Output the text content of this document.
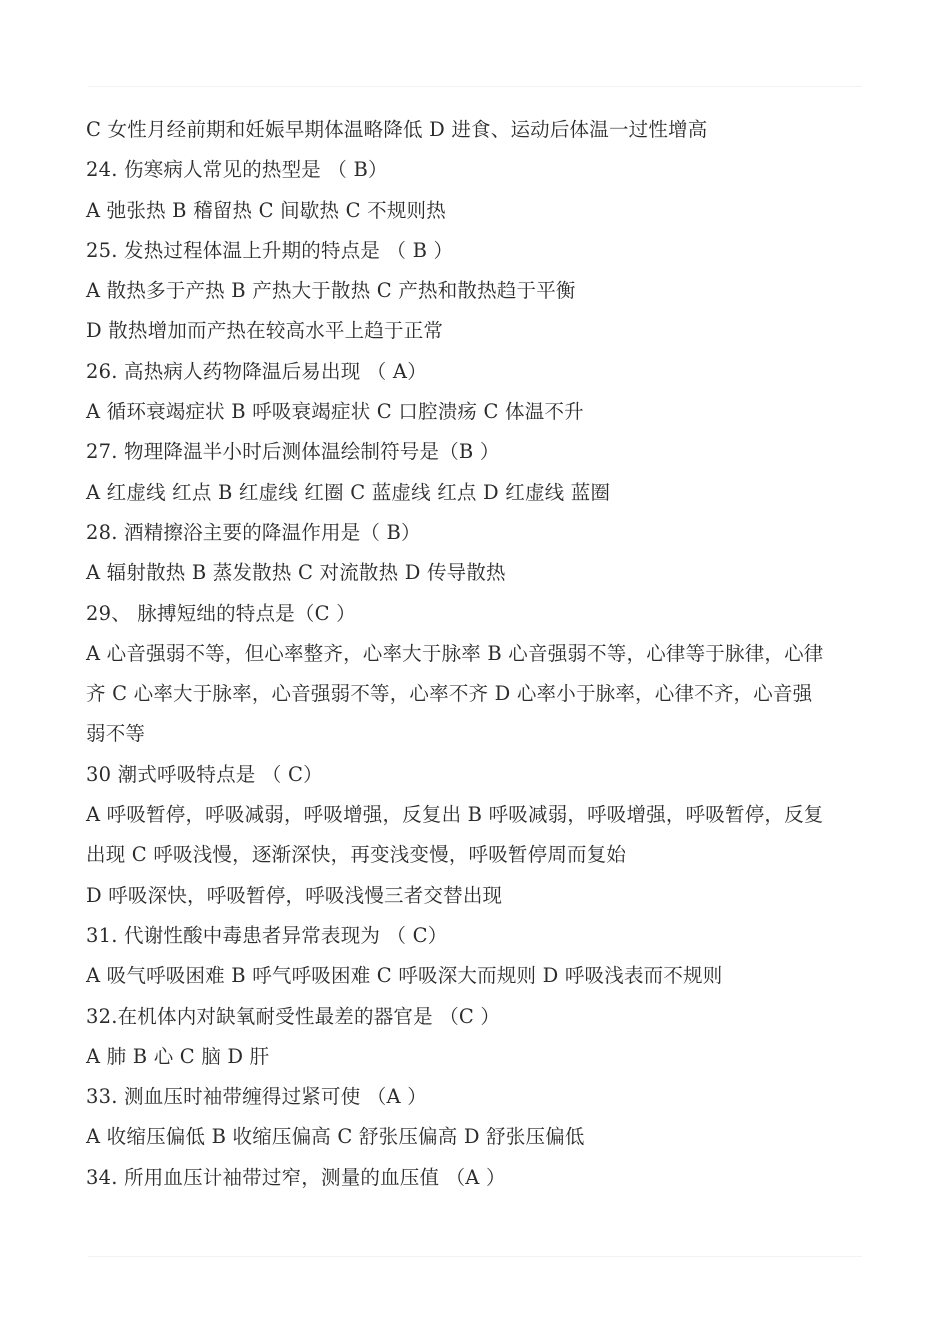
C 女性月经前期和妊娠早期体温略降低 D 进食、运动后体温一过性增高
24. 伤寒病人常见的热型是 （ B）
A 弛张热 B 稽留热 C 间歇热 C 不规则热
25. 发热过程体温上升期的特点是 （ B ）
A 散热多于产热 B 产热大于散热 C 产热和散热趋于平衡
D 散热增加而产热在较高水平上趋于正常
26. 高热病人药物降温后易出现 （ A）
A 循环衰竭症状 B 呼吸衰竭症状 C 口腔溃疡 C 体温不升
27. 物理降温半小时后测体温绘制符号是（B ）
A 红虚线 红点 B 红虚线 红圈 C 蓝虚线 红点 D 红虚线 蓝圈
28. 酒精擦浴主要的降温作用是（ B）
A 辐射散热 B 蒸发散热 C 对流散热 D 传导散热
29、 脉搏短绌的特点是（C ）
A 心音强弱不等，但心率整齐，心率大于脉率 B 心音强弱不等，心律等于脉律，心律
齐 C 心率大于脉率，心音强弱不等，心率不齐 D 心率小于脉率，心律不齐，心音强
弱不等
30 潮式呼吸特点是 （ C）
A 呼吸暂停，呼吸减弱，呼吸增强，反复出 B 呼吸减弱，呼吸增强，呼吸暂停，反复
出现 C 呼吸浅慢，逐渐深快，再变浅变慢，呼吸暂停周而复始
D 呼吸深快，呼吸暂停，呼吸浅慢三者交替出现
31. 代谢性酸中毒患者异常表现为 （ C）
A 吸气呼吸困难 B 呼气呼吸困难 C 呼吸深大而规则 D 呼吸浅表而不规则
32.在机体内对缺氧耐受性最差的器官是 （C ）
A 肺 B 心 C 脑 D 肝
33. 测血压时袖带缠得过紧可使 （A ）
A 收缩压偏低 B 收缩压偏高 C 舒张压偏高 D 舒张压偏低
34. 所用血压计袖带过窄，测量的血压值 （A ）
